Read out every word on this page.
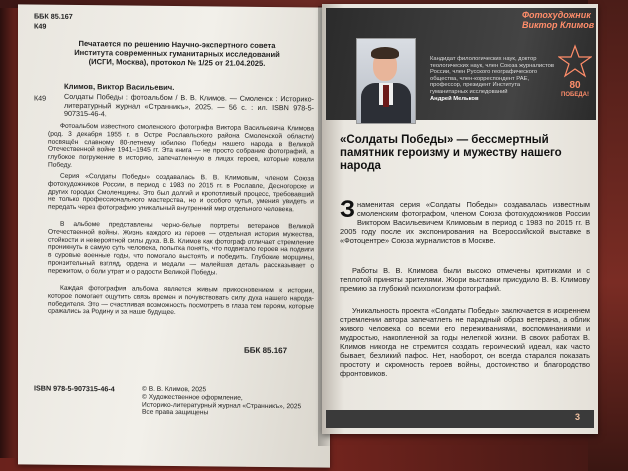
ББК 85.167
К49
Печатается по решению Научно-экспертного совета Института современных гуманитарных исследований (ИСГИ, Москва), протокол № 1/25 от 21.04.2025.
Климов, Виктор Васильевич.
К49 Солдаты Победы : фотоальбом / В. В. Климов. — Смоленск : Историко-литературный журнал «Странникъ», 2025. — 56 с. : ил. ISBN 978-5-907315-46-4.
Фотоальбом известного смоленского фотографа Виктора Васильевича Климова (род. 3 декабря 1955 г. в Остре Рославльского района Смоленской области) посвящён славному 80-летнему юбилею Победы нашего народа в Великой Отечественной войне 1941–1945 гг. Эта книга — не просто собрание фотографий, а глубокое погружение в историю, запечатленную в лицах героев, которые ковали Победу.
Серия «Солдаты Победы» создавалась В. В. Климовым, членом Союза фотохудожников России, в период с 1983 по 2015 гг. в Рославле, Десногорске и других городах Смоленщины. Это был долгий и кропотливый процесс, требовавший не только профессионального мастерства, но и особого чутья, умения увидеть и передать через фотографию уникальный внутренний мир отдельного человека.
В альбоме представлены черно-белые портреты ветеранов Великой Отечественной войны. Жизнь каждого из героев — отдельная история мужества, стойкости и невероятной силы духа. В.В. Климов как фотограф отличает стремление проникнуть в самую суть человека, попытка понять, что подвигало героев на подвиги в суровые военные годы, что помогало выстоять и победить. Глубокие морщины, пронзительный взгляд, ордена и медали — малейшая деталь рассказывает о пережитом, о боли утрат и о радости Великой Победы.
Каждая фотография альбома является живым прикосновением к истории, которое помогает ощутить связь времен и почувствовать силу духа нашего народа-победителя. Это — счастливая возможность посмотреть в глаза тем героям, которые сражались за Родину и за наше будущее.
ББК 85.167
ISBN 978-5-907315-46-4	© В. В. Климов, 2025
© Художественное оформление,
Историко-литературный журнал «Странникъ», 2025
Все права защищены
Фотохудожник Виктор Климов
Кандидат филологических наук, доктор теологических наук, член Союза журналистов России, член Русского географического общества, член-корреспондент РАЕ, профессор, президент Института гуманитарных исследований
Андрей Мельков
80
ПОБЕДА!
«Солдаты Победы» — бессмертный памятник героизму и мужеству нашего народа
Знаменитая серия «Солдаты Победы» создавалась известным смоленским фотографом, членом Союза фотохудожников России Виктором Васильевичем Климовым в период с 1983 по 2015 гг. В 2005 году после их экспонирования на Всероссийской выставке в «Фотоцентре» Союза журналистов в Москве.
Работы В. В. Климова были высоко отмечены критиками и с теплотой приняты зрителями. Жюри выставки присудило В. В. Климову премию за глубокий психологизм фотографий.
Уникальность проекта «Солдаты Победы» заключается в искреннем стремлении автора запечатлеть не парадный образ ветерана, а облик живого человека со всеми его переживаниями, воспоминаниями и мудростью, накопленной за годы нелегкой жизни. В своих работах В. Климов никогда не стремится создать героический идеал, как часто бывает, безликий пафос. Нет, наоборот, он всегда старался показать простоту и скромность героев войны, достоинство и благородство фронтовиков.
3
